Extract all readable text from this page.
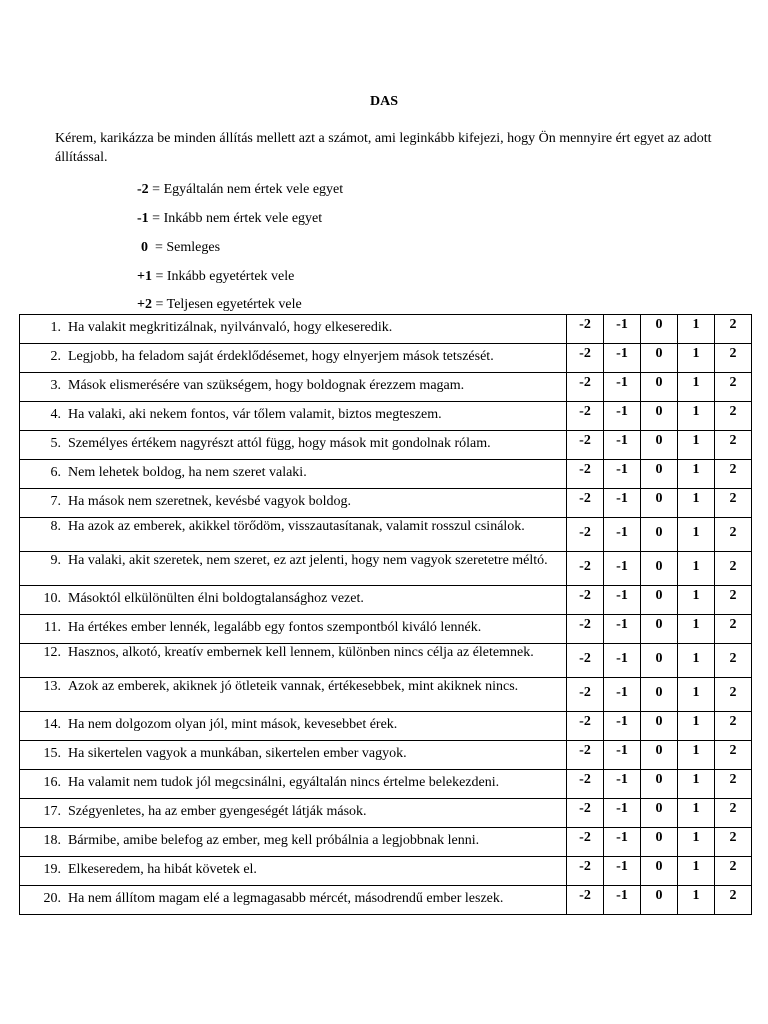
DAS
Kérem, karikázza be minden állítás mellett azt a számot, ami leginkább kifejezi, hogy Ön mennyire ért egyet az adott állítással.
-2 = Egyáltalán nem értek vele egyet
-1 = Inkább nem értek vele egyet
0  = Semleges
+1 = Inkább egyetértek vele
+2 = Teljesen egyetértek vele
1. Ha valakit megkritizálnak, nyilvánvaló, hogy elkeseredik.	-2	-1	0	1	2

2. Legjobb, ha feladom saját érdeklődésemet, hogy elnyerjem mások tetszését.	-2	-1	0	1	2

3. Mások elismerésére van szükségem, hogy boldognak érezzem magam.	-2	-1	0	1	2

4. Ha valaki, aki nekem fontos, vár tőlem valamit, biztos megteszem.	-2	-1	0	1	2

5. Személyes értékem nagyrészt attól függ, hogy mások mit gondolnak rólam.	-2	-1	0	1	2

6. Nem lehetek boldog, ha nem szeret valaki.	-2	-1	0	1	2

7. Ha mások nem szeretnek, kevésbé vagyok boldog.	-2	-1	0	1	2

8. Ha azok az emberek, akikkel törődöm, visszautasítanak, valamit rosszul csinálok.	-2	-1	0	1	2

9. Ha valaki, akit szeretek, nem szeret, ez azt jelenti, hogy nem vagyok szeretetre méltó.	-2	-1	0	1	2

10. Másoktól elkülönülten élni boldogtalansághoz vezet.	-2	-1	0	1	2

11. Ha értékes ember lennék, legalább egy fontos szempontból kiváló lennék.	-2	-1	0	1	2

12. Hasznos, alkotó, kreatív embernek kell lennem, különben nincs célja az életemnek.	-2	-1	0	1	2

13. Azok az emberek, akiknek jó ötleteik vannak, értékesebbek, mint akiknek nincs.	-2	-1	0	1	2

14. Ha nem dolgozom olyan jól, mint mások, kevesebbet érek.	-2	-1	0	1	2

15. Ha sikertelen vagyok a munkában, sikertelen ember vagyok.	-2	-1	0	1	2

16. Ha valamit nem tudok jól megcsinálni, egyáltalán nincs értelme belekezdeni.	-2	-1	0	1	2

17. Szégyenletes, ha az ember gyengeségét látják mások.	-2	-1	0	1	2

18. Bármibe, amibe belefog az ember, meg kell próbálnia a legjobbnak lenni.	-2	-1	0	1	2

19. Elkeseredem, ha hibát követek el.	-2	-1	0	1	2

20. Ha nem állítom magam elé a legmagasabb mércét, másodrendű ember leszek.	-2	-1	0	1	2
